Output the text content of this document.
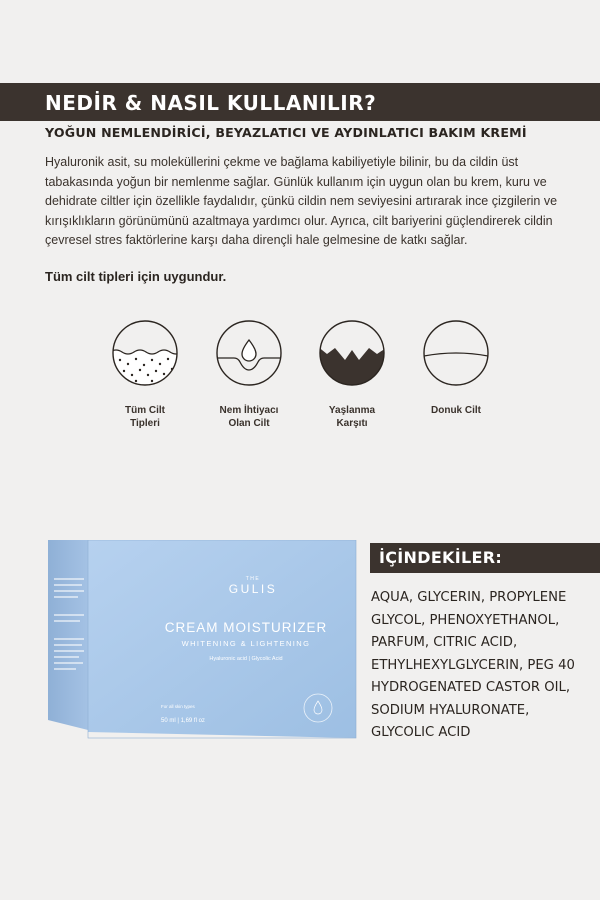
NEDİR & NASIL KULLANILIR?
YOĞUN NEMLENDİRİCİ, BEYAZLATICI VE AYDINLATICI BAKIM KREMİ

Hyaluronik asit, su moleküllerini çekme ve bağlama kabiliyetiyle bilinir, bu da cildin üst tabakasında yoğun bir nemlenme sağlar. Günlük kullanım için uygun olan bu krem, kuru ve dehidrate ciltler için özellikle faydalıdır, çünkü cildin nem seviyesini artırarak ince çizgilerin ve kırışıklıkların görünümünü azaltmaya yardımcı olur. Ayrıca, cilt bariyerini güçlendirerek cildin çevresel stres faktörlerine karşı daha dirençli hale gelmesine de katkı sağlar.

Tüm cilt tipleri için uygundur.

Tüm Cilt
Tipleri
Nem İhtiyacı
Olan Cilt
Yaşlanma
Karşıtı
Donuk Cilt

THE
GULIS
CREAM MOISTURIZER
WHITENING & LIGHTENING
Hyaluronic acid | Glycolic Acid
For all skin types
50 ml | 1,69 fl oz
İÇİNDEKİLER:
AQUA, GLYCERIN, PROPYLENE
GLYCOL, PHENOXYETHANOL,
PARFUM, CITRIC ACID,
ETHYLHEXYLGLYCERIN, PEG 40
HYDROGENATED CASTOR OIL,
SODIUM HYALURONATE,
GLYCOLIC ACID
